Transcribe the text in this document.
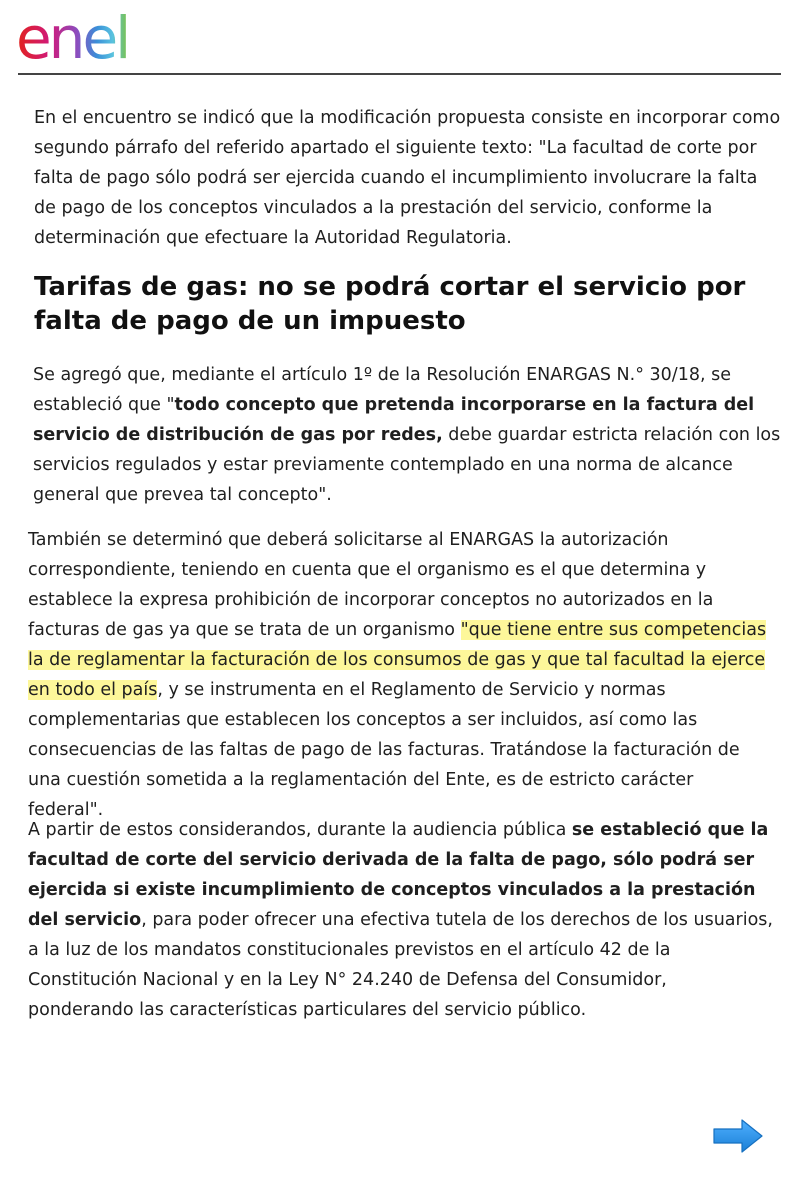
enel

En el encuentro se indicó que la modificación propuesta consiste en incorporar como segundo párrafo del referido apartado el siguiente texto: "La facultad de corte por falta de pago sólo podrá ser ejercida cuando el incumplimiento involucrare la falta de pago de los conceptos vinculados a la prestación del servicio, conforme la determinación que efectuare la Autoridad Regulatoria.

Tarifas de gas: no se podrá cortar el servicio por falta de pago de un impuesto

Se agregó que, mediante el artículo 1º de la Resolución ENARGAS N.° 30/18, se estableció que "todo concepto que pretenda incorporarse en la factura del servicio de distribución de gas por redes, debe guardar estricta relación con los servicios regulados y estar previamente contemplado en una norma de alcance general que prevea tal concepto".

También se determinó que deberá solicitarse al ENARGAS la autorización correspondiente, teniendo en cuenta que el organismo es el que determina y establece la expresa prohibición de incorporar conceptos no autorizados en la facturas de gas ya que se trata de un organismo "que tiene entre sus competencias la de reglamentar la facturación de los consumos de gas y que tal facultad la ejerce en todo el país, y se instrumenta en el Reglamento de Servicio y normas complementarias que establecen los conceptos a ser incluidos, así como las consecuencias de las faltas de pago de las facturas. Tratándose la facturación de una cuestión sometida a la reglamentación del Ente, es de estricto carácter federal".

A partir de estos considerandos, durante la audiencia pública se estableció que la facultad de corte del servicio derivada de la falta de pago, sólo podrá ser ejercida si existe incumplimiento de conceptos vinculados a la prestación del servicio, para poder ofrecer una efectiva tutela de los derechos de los usuarios, a la luz de los mandatos constitucionales previstos en el artículo 42 de la Constitución Nacional y en la Ley N° 24.240 de Defensa del Consumidor, ponderando las características particulares del servicio público.
